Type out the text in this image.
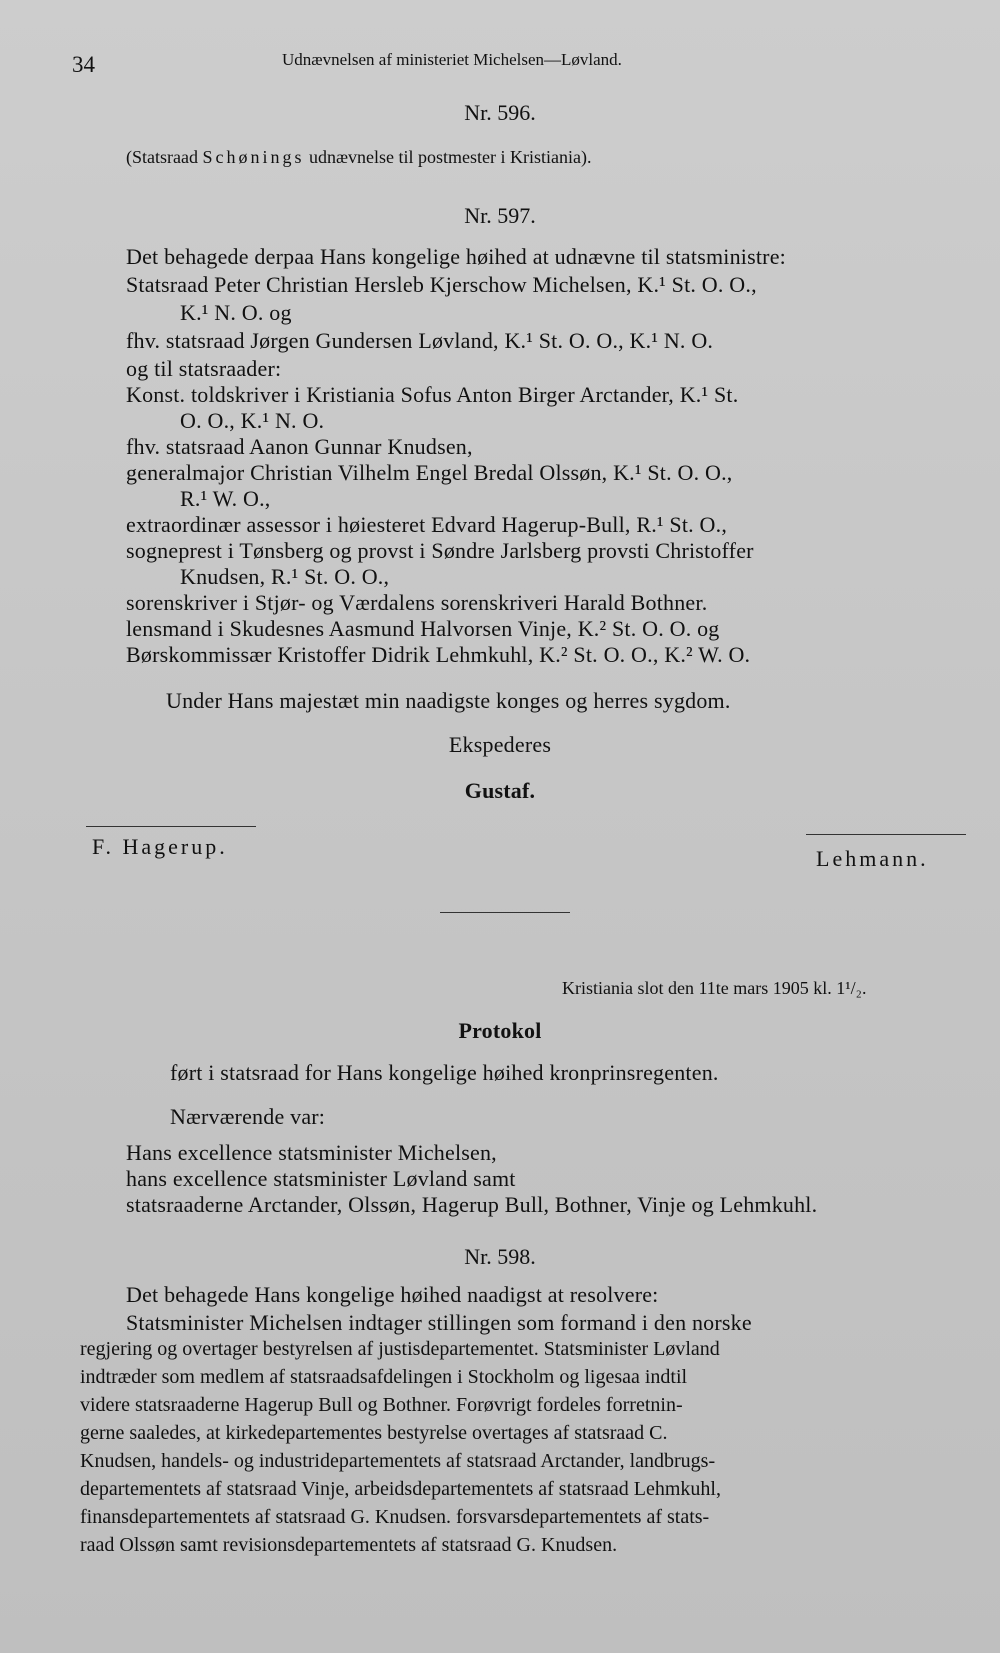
34	Udnævnelsen af ministeriet Michelsen—Løvland.
Nr. 596.
(Statsraad Schønings udnævnelse til postmester i Kristiania).
Nr. 597.
Det behagede derpaa Hans kongelige høihed at udnævne til statsministre:
Statsraad Peter Christian Hersleb Kjerschow Michelsen, K.¹ St. O. O.,
K.¹ N. O. og
fhv. statsraad Jørgen Gundersen Løvland, K.¹ St. O. O., K.¹ N. O.
og til statsraader:
Konst. toldskriver i Kristiania Sofus Anton Birger Arctander, K.¹ St.
O. O., K.¹ N. O.
fhv. statsraad Aanon Gunnar Knudsen,
generalmajor Christian Vilhelm Engel Bredal Olssøn, K.¹ St. O. O.,
R.¹ W. O.,
extraordinær assessor i høiesteret Edvard Hagerup-Bull, R.¹ St. O.,
sogneprest i Tønsberg og provst i Søndre Jarlsberg provsti Christoffer
Knudsen, R.¹ St. O. O.,
sorenskriver i Stjør- og Værdalens sorenskriveri Harald Bothner.
lensmand i Skudesnes Aasmund Halvorsen Vinje, K.² St. O. O. og
Børskommissær Kristoffer Didrik Lehmkuhl, K.² St. O. O., K.² W. O.
Under Hans majestæt min naadigste konges og herres sygdom.
Ekspederes
Gustaf.
F. Hagerup.	Lehmann.
Kristiania slot den 11te mars 1905 kl. 1¹/₂.
Protokol
ført i statsraad for Hans kongelige høihed kronprinsregenten.
Nærværende var:
Hans excellence statsminister Michelsen,
hans excellence statsminister Løvland samt
statsraaderne Arctander, Olssøn, Hagerup Bull, Bothner, Vinje og Lehmkuhl.
Nr. 598.
Det behagede Hans kongelige høihed naadigst at resolvere:
Statsminister Michelsen indtager stillingen som formand i den norske
regjering og overtager bestyrelsen af justisdepartementet. Statsminister Løvland
indtræder som medlem af statsraadsafdelingen i Stockholm og ligesaa indtil
videre statsraaderne Hagerup Bull og Bothner. Forøvrigt fordeles forretnin-
gerne saaledes, at kirkedepartementes bestyrelse overtages af statsraad C.
Knudsen, handels- og industridepartementets af statsraad Arctander, landbrugs-
departementets af statsraad Vinje, arbeidsdepartementets af statsraad Lehmkuhl,
finansdepartementets af statsraad G. Knudsen. forsvarsdepartementets af stats-
raad Olssøn samt revisionsdepartementets af statsraad G. Knudsen.
